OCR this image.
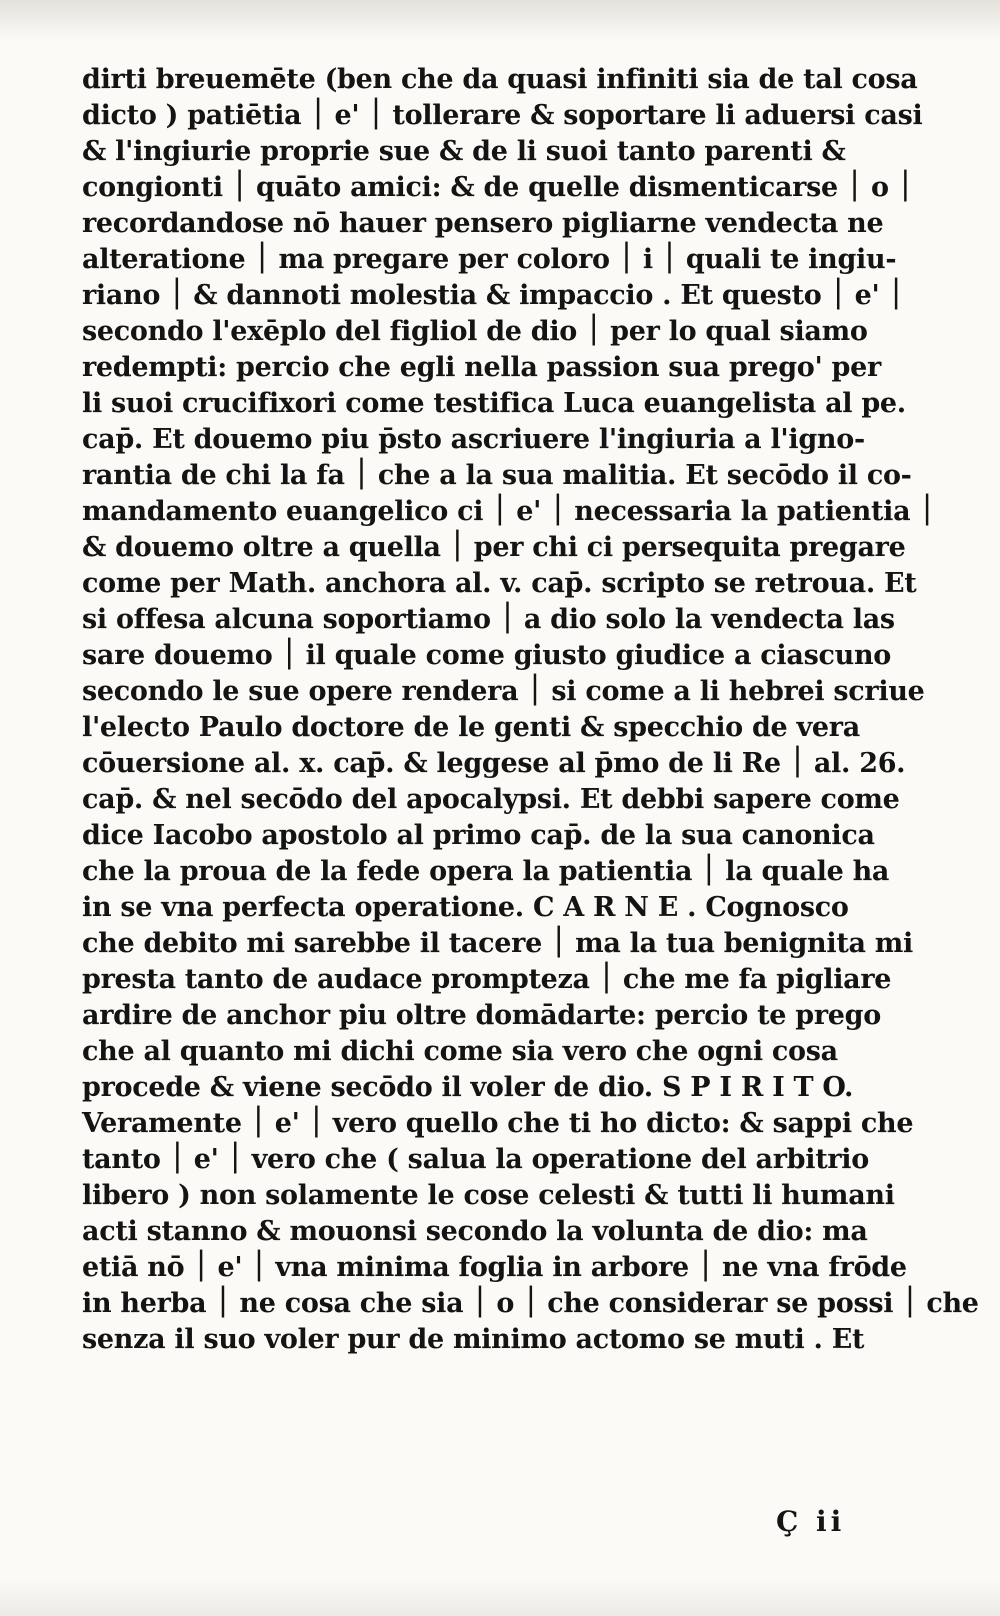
dirti breuemēte (ben che da quasi infiniti sia de tal cosa
dicto ) patiētia ׀ e' ׀ tollerare & soportare li aduersi casi
& l'ingiurie proprie sue & de li suoi tanto parenti &
congionti ׀ quāto amici: & de quelle dismenticarse ׀ o ׀
recordandose nō hauer pensero pigliarne vendecta ne
alteratione ׀ ma pregare per coloro ׀ i ׀ quali te ingiu-
riano ׀ & dannoti molestia & impaccio . Et questo ׀ e' ׀
secondo l'exēplo del figliol de dio ׀ per lo qual siamo
redempti: percio che egli nella passion sua prego' per
li suoi crucifixori come testifica Luca euangelista al pe.
cap̄. Et douemo piu p̄sto ascriuere l'ingiuria a l'igno-
rantia de chi la fa ׀ che a la sua malitia. Et secōdo il co-
mandamento euangelico ci ׀ e' ׀ necessaria la patientia ׀
& douemo oltre a quella ׀ per chi ci persequita pregare
come per Math. anchora al. v. cap̄. scripto se retroua. Et
si offesa alcuna soportiamo ׀ a dio solo la vendecta las
sare douemo ׀ il quale come giusto giudice a ciascuno
secondo le sue opere rendera ׀ si come a li hebrei scriue
l'electo Paulo doctore de le genti & specchio de vera
cōuersione al. x. cap̄. & leggese al p̄mo de li Re ׀ al. 26.
cap̄. & nel secōdo del apocalypsi. Et debbi sapere come
dice Iacobo apostolo al primo cap̄. de la sua canonica
che la proua de la fede opera la patientia ׀ la quale ha
in se vna perfecta operatione. C A R N E . Cognosco
che debito mi sarebbe il tacere ׀ ma la tua benignita mi
presta tanto de audace prompteza ׀ che me fa pigliare
ardire de anchor piu oltre domādarte: percio te prego
che al quanto mi dichi come sia vero che ogni cosa
procede & viene secōdo il voler de dio. S P I R I T O.
Veramente ׀ e' ׀ vero quello che ti ho dicto: & sappi che
tanto ׀ e' ׀ vero che ( salua la operatione del arbitrio
libero ) non solamente le cose celesti & tutti li humani
acti stanno & mouonsi secondo la volunta de dio: ma
etiā nō ׀ e' ׀ vna minima foglia in arbore ׀ ne vna frōde
in herba ׀ ne cosa che sia ׀ o ׀ che considerar se possi ׀ che
senza il suo voler pur de minimo actomo se muti . Et
Ç ii
